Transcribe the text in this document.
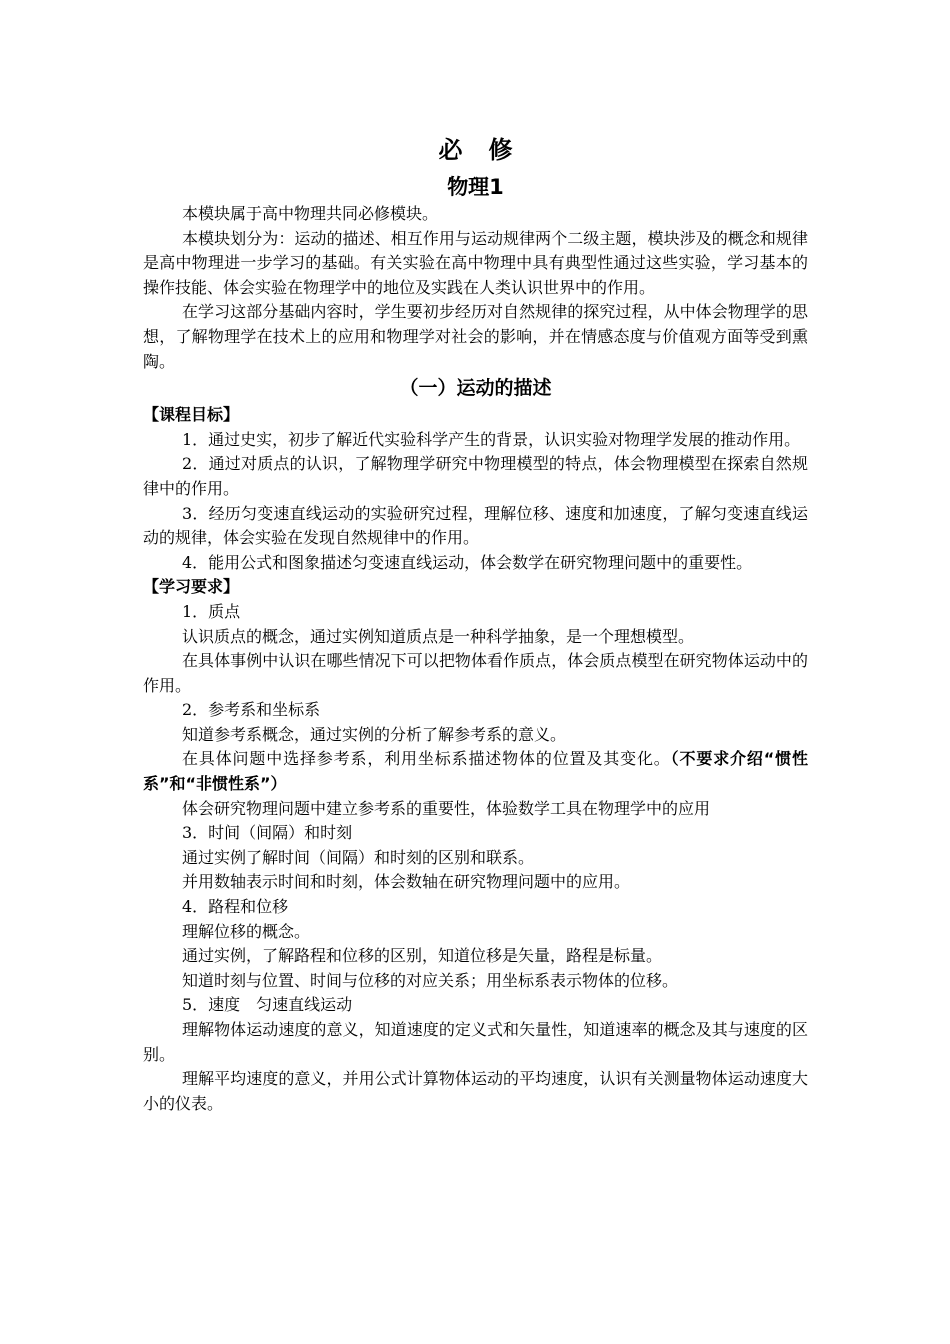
必修
物理1

本模块属于高中物理共同必修模块。

本模块划分为：运动的描述、相互作用与运动规律两个二级主题，模块涉及的概念和规律是高中物理进一步学习的基础。有关实验在高中物理中具有典型性通过这些实验，学习基本的操作技能、体会实验在物理学中的地位及实践在人类认识世界中的作用。

在学习这部分基础内容时，学生要初步经历对自然规律的探究过程，从中体会物理学的思想，了解物理学在技术上的应用和物理学对社会的影响，并在情感态度与价值观方面等受到熏陶。

（一）运动的描述

【课程目标】

1．通过史实，初步了解近代实验科学产生的背景，认识实验对物理学发展的推动作用。

2．通过对质点的认识，了解物理学研究中物理模型的特点，体会物理模型在探索自然规律中的作用。

3．经历匀变速直线运动的实验研究过程，理解位移、速度和加速度，了解匀变速直线运动的规律，体会实验在发现自然规律中的作用。

4．能用公式和图象描述匀变速直线运动，体会数学在研究物理问题中的重要性。

【学习要求】

1．质点

认识质点的概念，通过实例知道质点是一种科学抽象，是一个理想模型。

在具体事例中认识在哪些情况下可以把物体看作质点，体会质点模型在研究物体运动中的作用。

2．参考系和坐标系

知道参考系概念，通过实例的分析了解参考系的意义。

在具体问题中选择参考系，利用坐标系描述物体的位置及其变化。（不要求介绍“惯性系”和“非惯性系”）

体会研究物理问题中建立参考系的重要性，体验数学工具在物理学中的应用

3．时间（间隔）和时刻

通过实例了解时间（间隔）和时刻的区别和联系。

并用数轴表示时间和时刻，体会数轴在研究物理问题中的应用。

4．路程和位移

理解位移的概念。

通过实例，了解路程和位移的区别，知道位移是矢量，路程是标量。

知道时刻与位置、时间与位移的对应关系；用坐标系表示物体的位移。

5．速度　匀速直线运动

理解物体运动速度的意义，知道速度的定义式和矢量性，知道速率的概念及其与速度的区别。

理解平均速度的意义，并用公式计算物体运动的平均速度，认识有关测量物体运动速度大小的仪表。
